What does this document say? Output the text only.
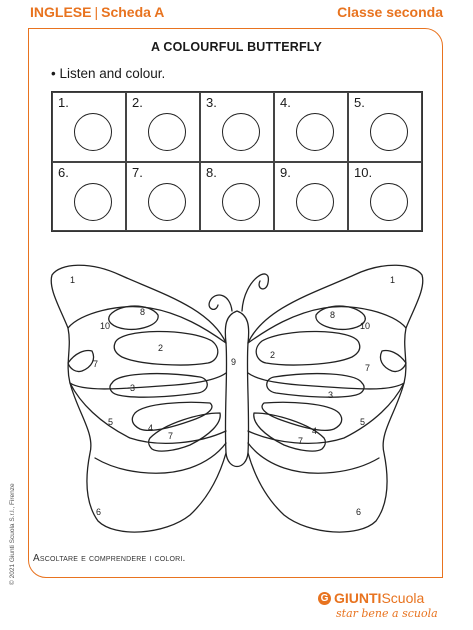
INGLESE | Scheda A	Classe seconda
A COLOURFUL BUTTERFLY
• Listen and colour.
1.	2.	3.	4.	5.
6.	7.	8.	9.	10.
1	1
8	8
10	10
2
2
7	7
9
3
3
5	5
4	4
7	7
6	6
Ascoltare e comprendere i colori.
© 2021 Giunti Scuola S.r.l., Firenze
G GIUNTI Scuola
star bene a scuola
